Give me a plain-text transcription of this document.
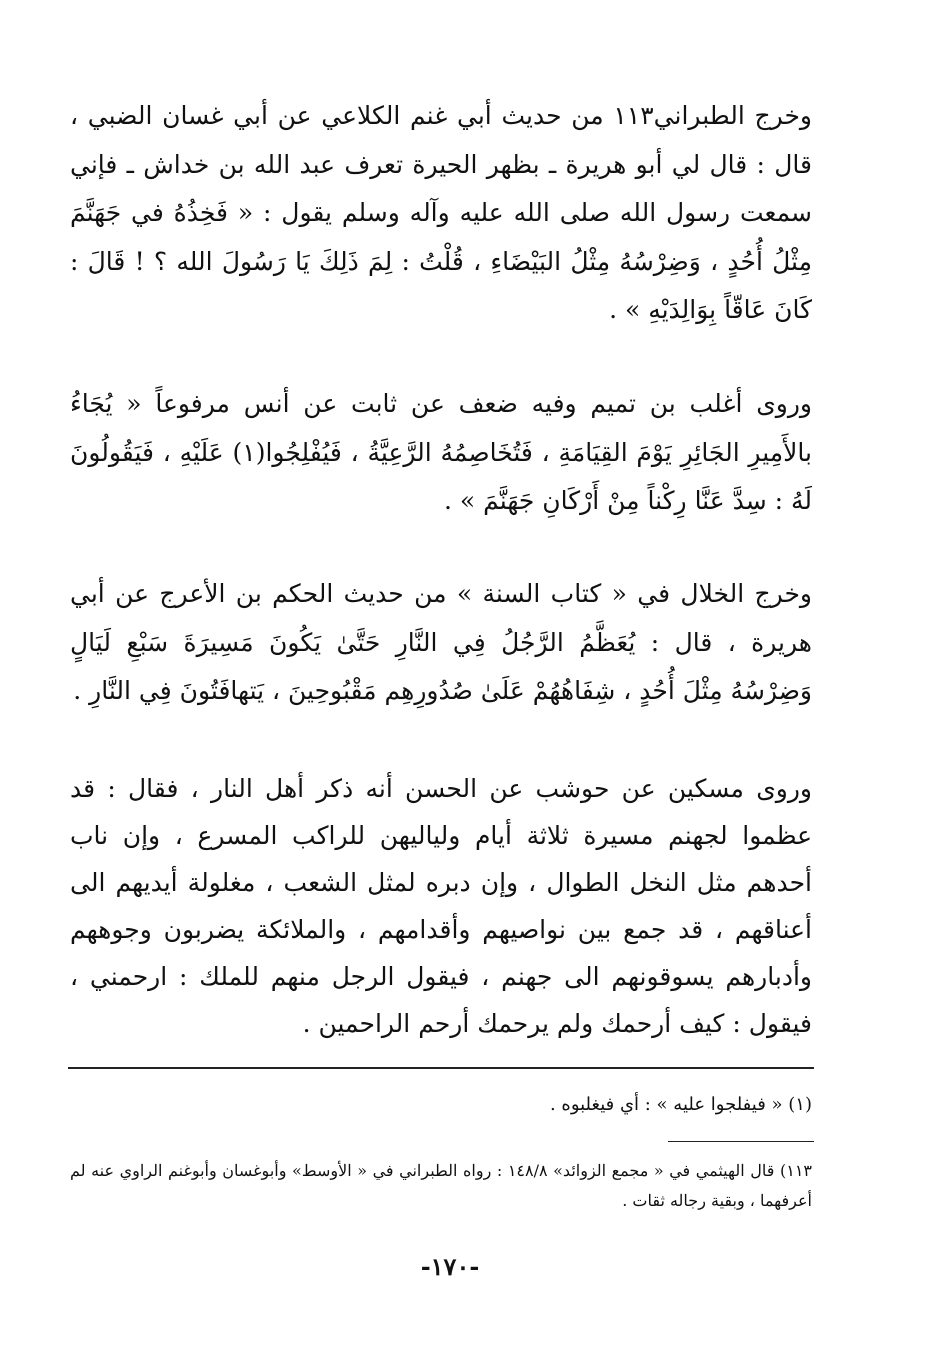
وخرج الطبراني١١٣ من حديث أبي غنم الكلاعي عن أبي غسان الضبي ، قال : قال لي أبو هريرة ـ بظهر الحيرة تعرف عبد الله بن خداش ـ فإني سمعت رسول الله صلى الله عليه وآله وسلم يقول : « فَخِذُهُ في جَهَنَّمَ مِثْلُ أُحُدٍ ، وَضِرْسُهُ مِثْلُ البَيْضَاءِ ، قُلْتُ : لِمَ ذَلِكَ يَا رَسُولَ الله ؟ ! قَالَ : كَانَ عَاقّاً بِوَالِدَيْهِ » .

وروى أغلب بن تميم وفيه ضعف عن ثابت عن أنس مرفوعاً « يُجَاءُ بالأَمِيرِ الجَائِرِ يَوْمَ القِيَامَةِ ، فَتُخَاصِمُهُ الرَّعِيَّةُ ، فَيُفْلِجُوا(١) عَلَيْهِ ، فَيَقُولُونَ لَهُ : سِدَّ عَنَّا رِكْناً مِنْ أَرْكَانِ جَهَنَّمَ » .

وخرج الخلال في « كتاب السنة » من حديث الحكم بن الأعرج عن أبي هريرة ، قال : يُعَظَّمُ الرَّجُلُ فِي النَّارِ حَتَّىٰ يَكُونَ مَسِيرَةَ سَبْعِ لَيَالٍ وَضِرْسُهُ مِثْلَ أُحُدٍ ، شِفَاهُهُمْ عَلَىٰ صُدُورِهِم مَقْبُوحِينَ ، يَتهافَتُونَ فِي النَّارِ .

وروى مسكين عن حوشب عن الحسن أنه ذكر أهل النار ، فقال : قد عظموا لجهنم مسيرة ثلاثة أيام ولياليهن للراكب المسرع ، وإن ناب أحدهم مثل النخل الطوال ، وإن دبره لمثل الشعب ، مغلولة أيديهم الى أعناقهم ، قد جمع بين نواصيهم وأقدامهم ، والملائكة يضربون وجوههم وأدبارهم يسوقونهم الى جهنم ، فيقول الرجل منهم للملك : ارحمني ، فيقول : كيف أرحمك ولم يرحمك أرحم الراحمين .

(١) « فيفلجوا عليه » : أي فيغلبوه .

١١٣) قال الهيثمي في « مجمع الزوائد» ١٤٨/٨ : رواه الطبراني في « الأوسط» وأبوغسان وأبوغنم الراوي عنه لم أعرفهما ، وبقية رجاله ثقات .

-١٧٠-
